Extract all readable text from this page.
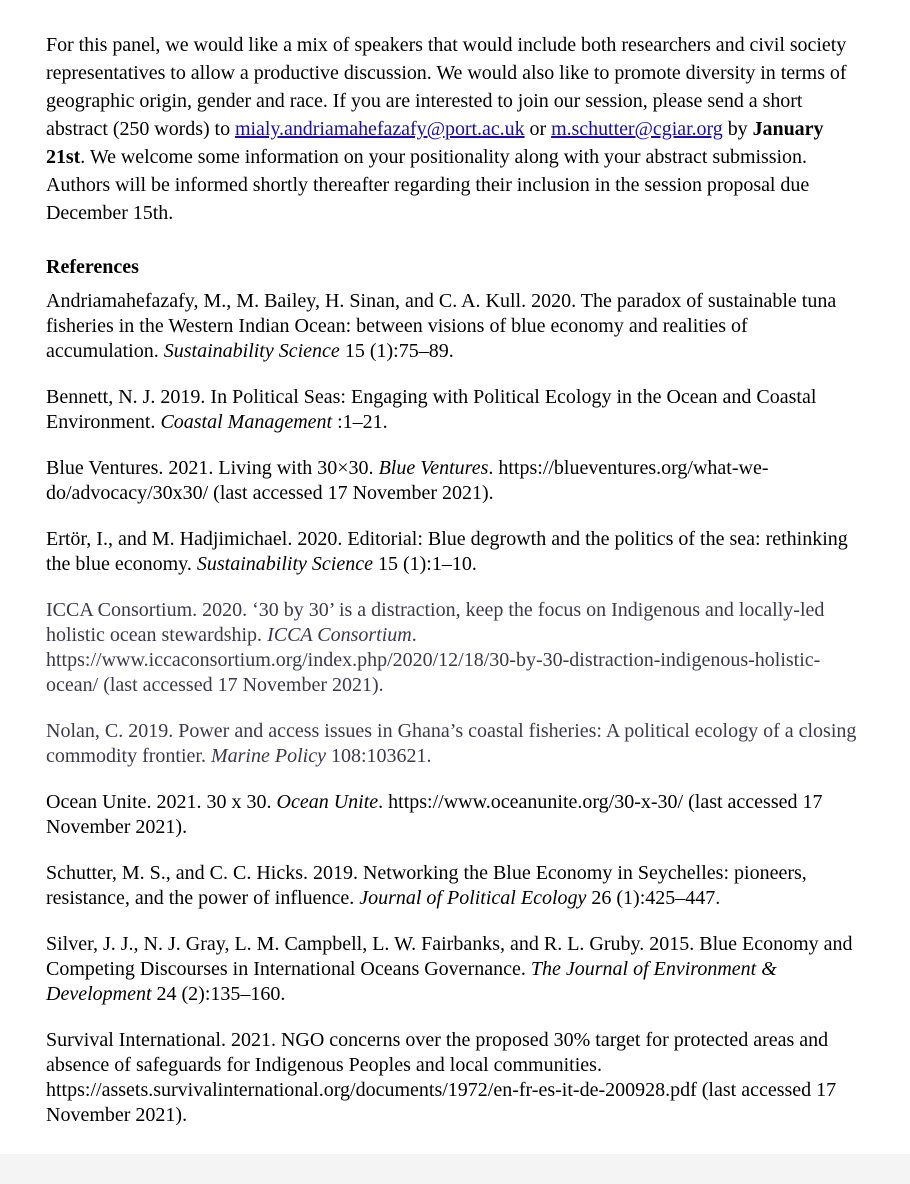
For this panel, we would like a mix of speakers that would include both researchers and civil society representatives to allow a productive discussion. We would also like to promote diversity in terms of geographic origin, gender and race. If you are interested to join our session, please send a short abstract (250 words) to mialy.andriamahefazafy@port.ac.uk or m.schutter@cgiar.org by January 21st. We welcome some information on your positionality along with your abstract submission. Authors will be informed shortly thereafter regarding their inclusion in the session proposal due December 15th.

References

Andriamahefazafy, M., M. Bailey, H. Sinan, and C. A. Kull. 2020. The paradox of sustainable tuna fisheries in the Western Indian Ocean: between visions of blue economy and realities of accumulation. Sustainability Science 15 (1):75–89.

Bennett, N. J. 2019. In Political Seas: Engaging with Political Ecology in the Ocean and Coastal Environment. Coastal Management :1–21.

Blue Ventures. 2021. Living with 30×30. Blue Ventures. https://blueventures.org/what-we-do/advocacy/30x30/ (last accessed 17 November 2021).

Ertör, I., and M. Hadjimichael. 2020. Editorial: Blue degrowth and the politics of the sea: rethinking the blue economy. Sustainability Science 15 (1):1–10.

ICCA Consortium. 2020. ‘30 by 30’ is a distraction, keep the focus on Indigenous and locally-led holistic ocean stewardship. ICCA Consortium. https://www.iccaconsortium.org/index.php/2020/12/18/30-by-30-distraction-indigenous-holistic-ocean/ (last accessed 17 November 2021).

Nolan, C. 2019. Power and access issues in Ghana’s coastal fisheries: A political ecology of a closing commodity frontier. Marine Policy 108:103621.

Ocean Unite. 2021. 30 x 30. Ocean Unite. https://www.oceanunite.org/30-x-30/ (last accessed 17 November 2021).

Schutter, M. S., and C. C. Hicks. 2019. Networking the Blue Economy in Seychelles: pioneers, resistance, and the power of influence. Journal of Political Ecology 26 (1):425–447.

Silver, J. J., N. J. Gray, L. M. Campbell, L. W. Fairbanks, and R. L. Gruby. 2015. Blue Economy and Competing Discourses in International Oceans Governance. The Journal of Environment & Development 24 (2):135–160.

Survival International. 2021. NGO concerns over the proposed 30% target for protected areas and absence of safeguards for Indigenous Peoples and local communities. https://assets.survivalinternational.org/documents/1972/en-fr-es-it-de-200928.pdf (last accessed 17 November 2021).
